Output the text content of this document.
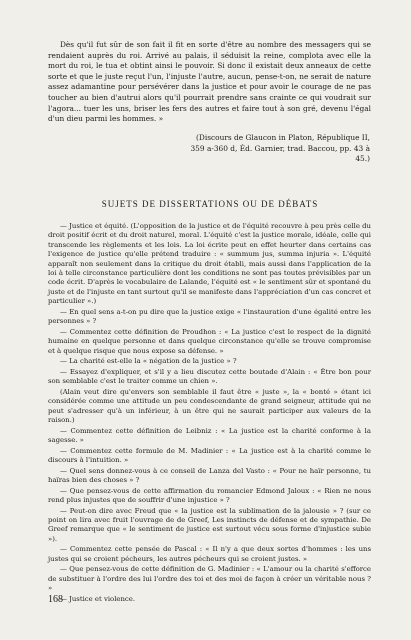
Dès qu'il fut sûr de son fait il fit en sorte d'être au nombre des messagers qui se rendaient auprès du roi. Arrivé au palais, il séduisit la reine, complota avec elle la mort du roi, le tua et obtint ainsi le pouvoir. Si donc il existait deux anneaux de cette sorte et que le juste reçut l'un, l'injuste l'autre, aucun, pense-t-on, ne serait de nature assez adamantine pour persévérer dans la justice et pour avoir le courage de ne pas toucher au bien d'autrui alors qu'il pourrait prendre sans crainte ce qui voudrait sur l'agora... tuer les uns, briser les fers des autres et faire tout à son gré, devenu l'égal d'un dieu parmi les hommes. »

(Discours de Glaucon in Platon, République II, 359 a-360 d, Éd. Garnier, trad. Baccou, pp. 43 à 45.)
SUJETS DE DISSERTATIONS OU DE DÉBATS

— Justice et équité. (L'opposition de la justice et de l'équité recouvre à peu près celle du droit positif écrit et du droit naturel, moral. L'équité c'est la justice morale, idéale, celle qui transcende les règlements et les lois. La loi écrite peut en effet heurter dans certains cas l'exigence de justice qu'elle prétend traduire : « summum jus, summa injuria ». L'équité apparaît non seulement dans la critique du droit établi, mais aussi dans l'application de la loi à telle circonstance particulière dont les conditions ne sont pas toutes prévisibles par un code écrit. D'après le vocabulaire de Lalande, l'équité est « le sentiment sûr et spontané du juste et de l'injuste en tant surtout qu'il se manifeste dans l'appréciation d'un cas concret et particulier ».)

— En quel sens a-t-on pu dire que la justice exige « l'instauration d'une égalité entre les personnes » ?

— Commentez cette définition de Proudhon : « La justice c'est le respect de la dignité humaine en quelque personne et dans quelque circonstance qu'elle se trouve compromise et à quelque risque que nous expose sa défense. »

— La charité est-elle la « négation de la justice » ?

— Essayez d'expliquer, et s'il y a lieu discutez cette boutade d'Alain : « Être bon pour son semblable c'est le traiter comme un chien ».

(Alain veut dire qu'envers son semblable il faut être « juste », la « bonté » étant ici considérée comme une attitude un peu condescendante de grand seigneur, attitude qui ne peut s'adresser qu'à un inférieur, à un être qui ne saurait participer aux valeurs de la raison.)

— Commentez cette définition de Leibniz : « La justice est la charité conforme à la sagesse. »

— Commentez cette formule de M. Madinier : « La justice est à la charité comme le discours à l'intuition. »

— Quel sens donnez-vous à ce conseil de Lanza del Vasto : « Pour ne haïr personne, tu haïras bien des choses » ?

— Que pensez-vous de cette affirmation du romancier Edmond Jaloux : « Rien ne nous rend plus injustes que de souffrir d'une injustice » ?

— Peut-on dire avec Freud que « la justice est la sublimation de la jalousie » ? (sur ce point on lira avec fruit l'ouvrage de de Greef, Les instincts de défense et de sympathie. De Greef remarque que « le sentiment de justice est surtout vécu sous forme d'injustice subie »).

— Commentez cette pensée de Pascal : « Il n'y a que deux sortes d'hommes : les uns justes qui se croient pécheurs, les autres pécheurs qui se croient justes. »

— Que pensez-vous de cette définition de G. Madinier : « L'amour ou la charité s'efforce de substituer à l'ordre des lui l'ordre des toi et des moi de façon à créer un véritable nous ? »

— Justice et violence.

168
